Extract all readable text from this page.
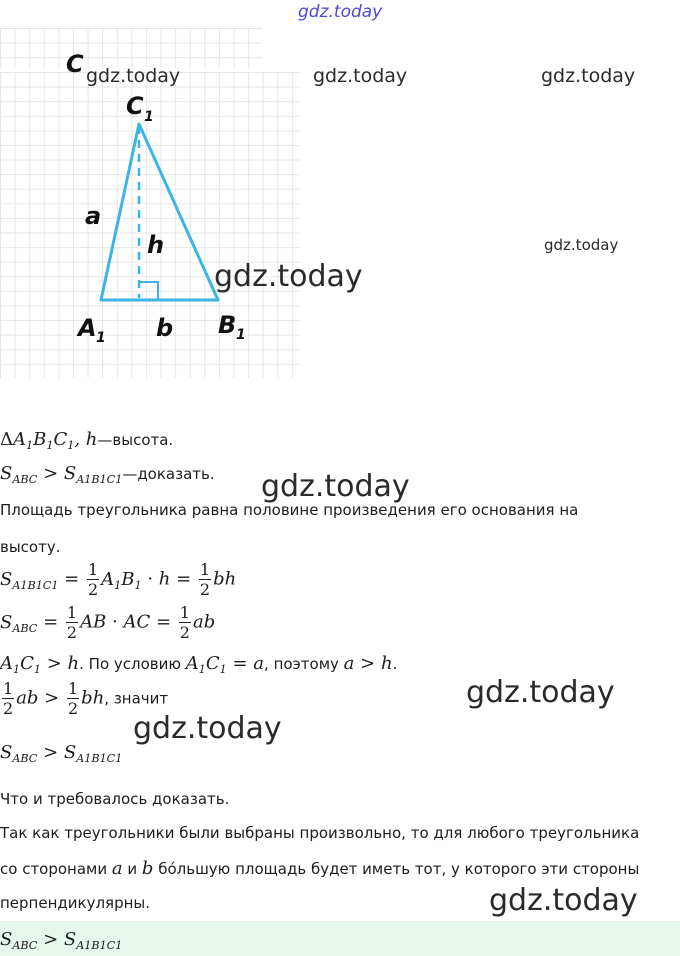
gdz.today
C
C 1
A 1	B 1
a
h
b
gdz.today	gdz.today	gdz.today
gdz.today
gdz.today
gdz.today
gdz.today
gdz.today
gdz.today
$\Delta A_1B_1C_1$, h—высота.
$S_{ABC}$ > $S_{A1B1C1}—доказать$.
Площадь треугольника равна половине произведения его основания на
высоту.
$S_{A1B1C1} = \frac{1}{2} A_1B_1 \cdot h = \frac{1}{2}$ bh
$S_{ABC} = \frac{1}{2}$ AB · AC = $\frac{1}{2}$ ab
$A_1C_1 > h$. По условию $A_1C_1 = a$, поэтому a > h.
$\frac{1}{2}$ ab > $\frac{1}{2}$ bh, значит
$S_{ABC} > S_{A1B1C1}$
Что и требовалось доказать.
Так как треугольники были выбраны произвольно, то для любого треугольника
со сторонами a и b бóльшую площадь будет иметь тот, у которого эти стороны
перпендикулярны.
$S_{ABC} > S_{A1B1C1}$
